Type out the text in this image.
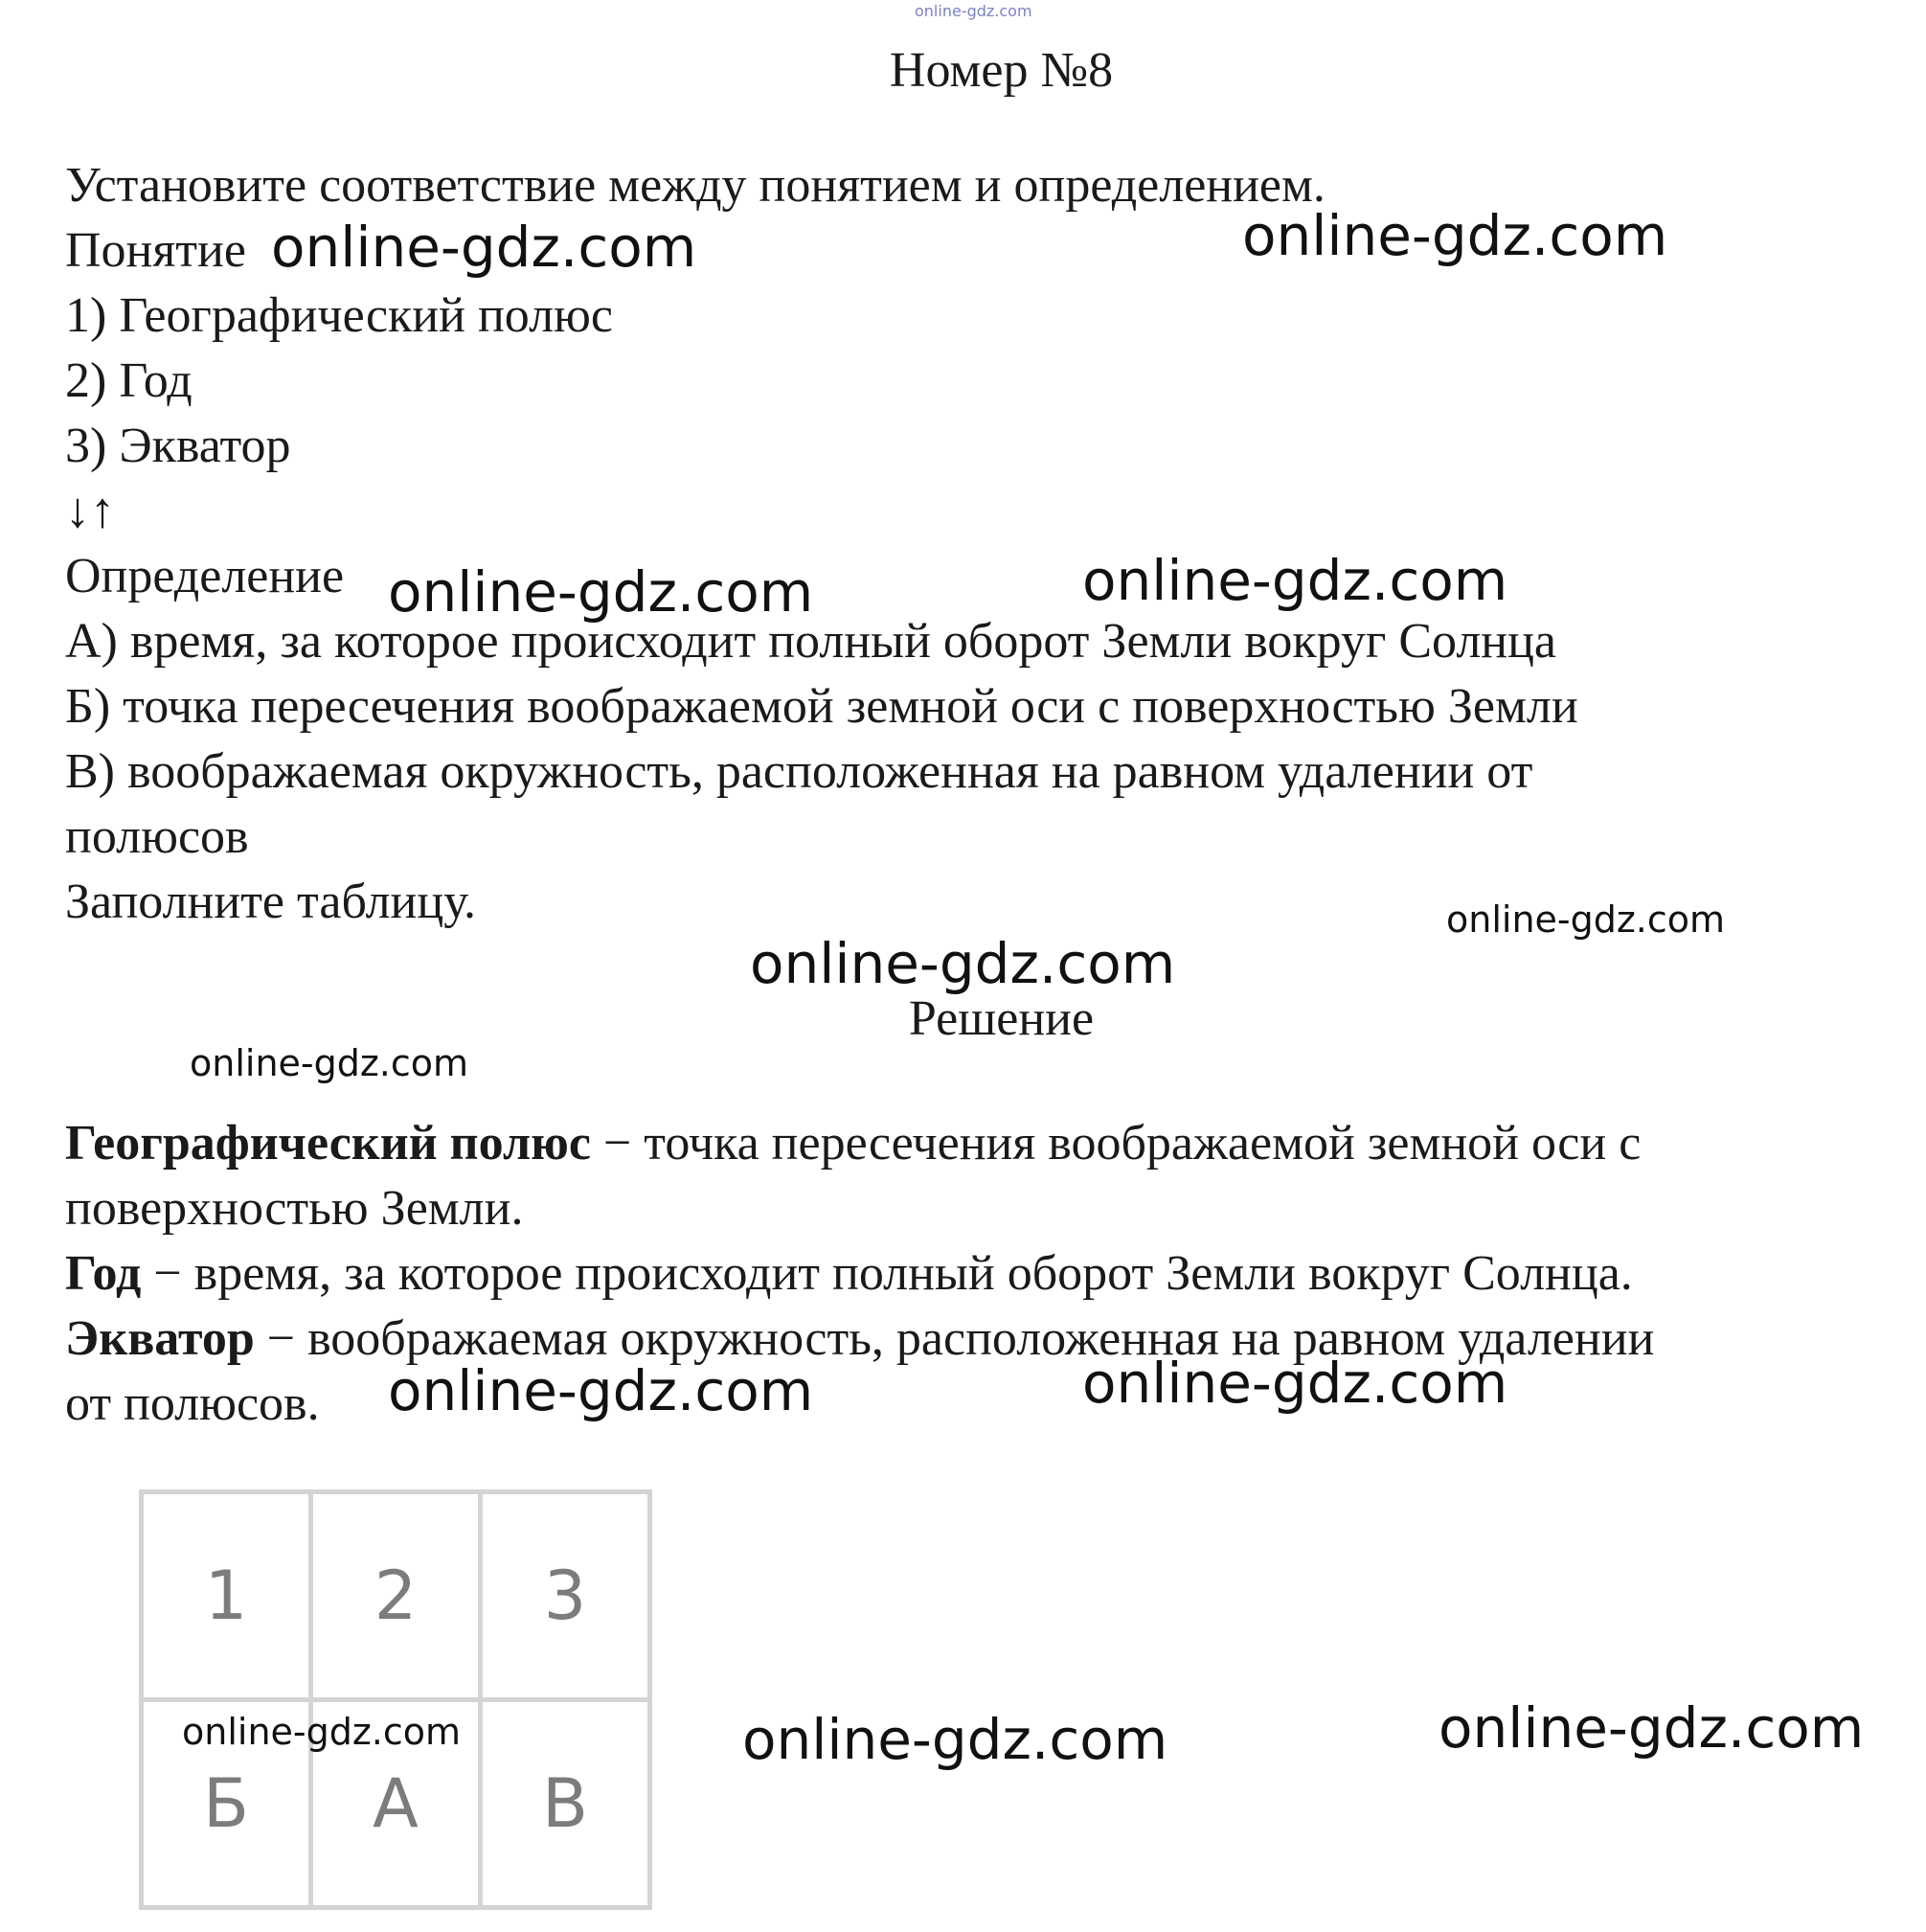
online-gdz.com
Номер №8
Установите соответствие между понятием и определением.
Понятие
1) Географический полюс
2) Год
3) Экватор
↓↑
Определение
А) время, за которое происходит полный оборот Земли вокруг Солнца
Б) точка пересечения воображаемой земной оси с поверхностью Земли
В) воображаемая окружность, расположенная на равном удалении от
полюсов
Заполните таблицу.
Решение
Географический полюс − точка пересечения воображаемой земной оси с
поверхностью Земли.
Год − время, за которое происходит полный оборот Земли вокруг Солнца.
Экватор − воображаемая окружность, расположенная на равном удалении
от полюсов.
1	2	3
Б	А	В
online-gdz.com	online-gdz.com
online-gdz.com	online-gdz.com
online-gdz.com
online-gdz.com
online-gdz.com
online-gdz.com	online-gdz.com
online-gdz.com	online-gdz.com	online-gdz.com
